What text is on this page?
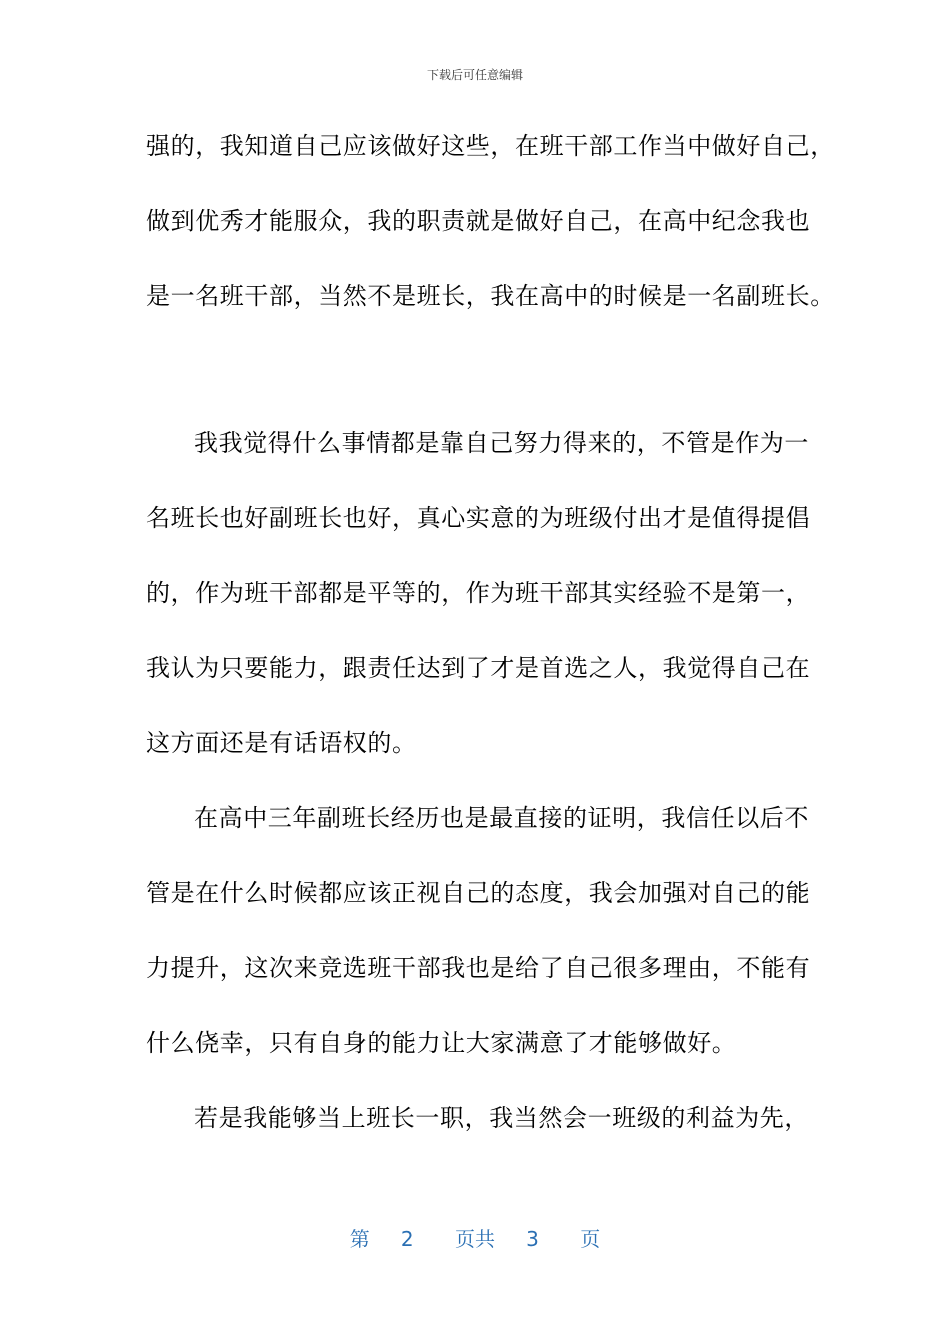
下载后可任意编辑
强的，我知道自己应该做好这些，在班干部工作当中做好自己，
做到优秀才能服众，我的职责就是做好自己，在高中纪念我也
是一名班干部，当然不是班长，我在高中的时候是一名副班长。
我我觉得什么事情都是靠自己努力得来的，不管是作为一
名班长也好副班长也好，真心实意的为班级付出才是值得提倡
的，作为班干部都是平等的，作为班干部其实经验不是第一，
我认为只要能力，跟责任达到了才是首选之人，我觉得自己在
这方面还是有话语权的。
在高中三年副班长经历也是最直接的证明，我信任以后不
管是在什么时候都应该正视自己的态度，我会加强对自己的能
力提升，这次来竞选班干部我也是给了自己很多理由，不能有
什么侥幸，只有自身的能力让大家满意了才能够做好。
若是我能够当上班长一职，我当然会一班级的利益为先，
第 2 页共 3 页
